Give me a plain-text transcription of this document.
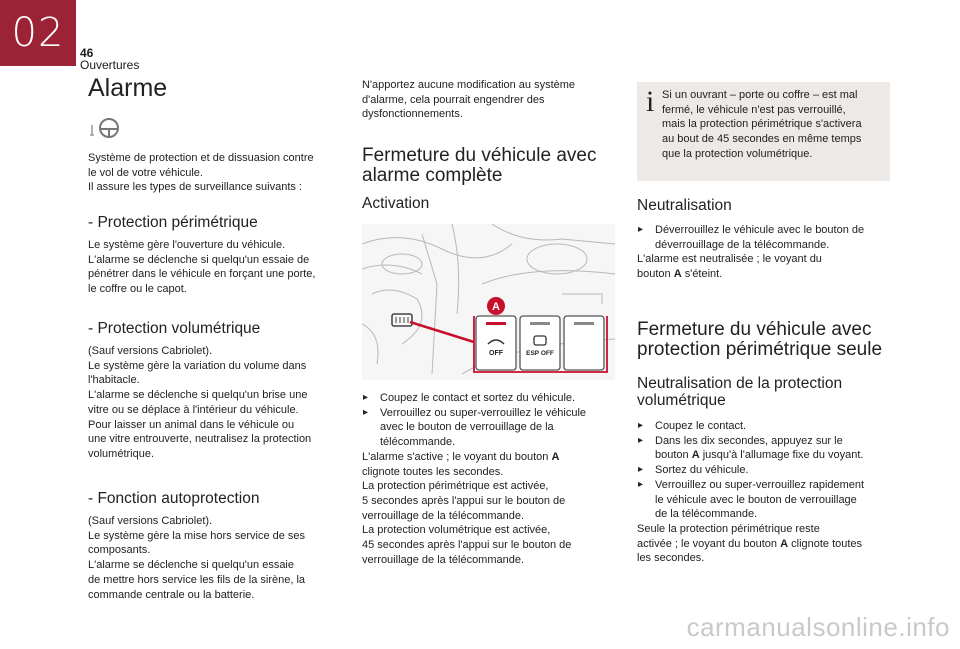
02 46
Ouvertures
Alarme
Système de protection et de dissuasion contre
le vol de votre véhicule.
Il assure les types de surveillance suivants :
- Protection périmétrique
Le système gère l'ouverture du véhicule.
L'alarme se déclenche si quelqu'un essaie de
pénétrer dans le véhicule en forçant une porte,
le coffre ou le capot.
- Protection volumétrique
(Sauf versions Cabriolet).
Le système gère la variation du volume dans
l'habitacle.
L'alarme se déclenche si quelqu'un brise une
vitre ou se déplace à l'intérieur du véhicule.
Pour laisser un animal dans le véhicule ou
une vitre entrouverte, neutralisez la protection
volumétrique.
- Fonction autoprotection
(Sauf versions Cabriolet).
Le système gère la mise hors service de ses
composants.
L'alarme se déclenche si quelqu'un essaie
de mettre hors service les fils de la sirène, la
commande centrale ou la batterie.
N'apportez aucune modification au système
d'alarme, cela pourrait engendrer des
dysfonctionnements.
Fermeture du véhicule avec
alarme complète
Activation
A
OFF	ESP OFF
▸ Coupez le contact et sortez du véhicule.
▸ Verrouillez ou super-verrouillez le véhicule
avec le bouton de verrouillage de la
télécommande.
L'alarme s'active ; le voyant du bouton A
clignote toutes les secondes.
La protection périmétrique est activée,
5 secondes après l'appui sur le bouton de
verrouillage de la télécommande.
La protection volumétrique est activée,
45 secondes après l'appui sur le bouton de
verrouillage de la télécommande.
i Si un ouvrant – porte ou coffre – est mal
fermé, le véhicule n'est pas verrouillé,
mais la protection périmétrique s'activera
au bout de 45 secondes en même temps
que la protection volumétrique.
Neutralisation
▸ Déverrouillez le véhicule avec le bouton de
déverrouillage de la télécommande.
L'alarme est neutralisée ; le voyant du
bouton A s'éteint.
Fermeture du véhicule avec
protection périmétrique seule
Neutralisation de la protection
volumétrique
▸ Coupez le contact.
▸ Dans les dix secondes, appuyez sur le
bouton A jusqu'à l'allumage fixe du voyant.
▸ Sortez du véhicule.
▸ Verrouillez ou super-verrouillez rapidement
le véhicule avec le bouton de verrouillage
de la télécommande.
Seule la protection périmétrique reste
activée ; le voyant du bouton A clignote toutes
les secondes.
carmanualsonline.info
